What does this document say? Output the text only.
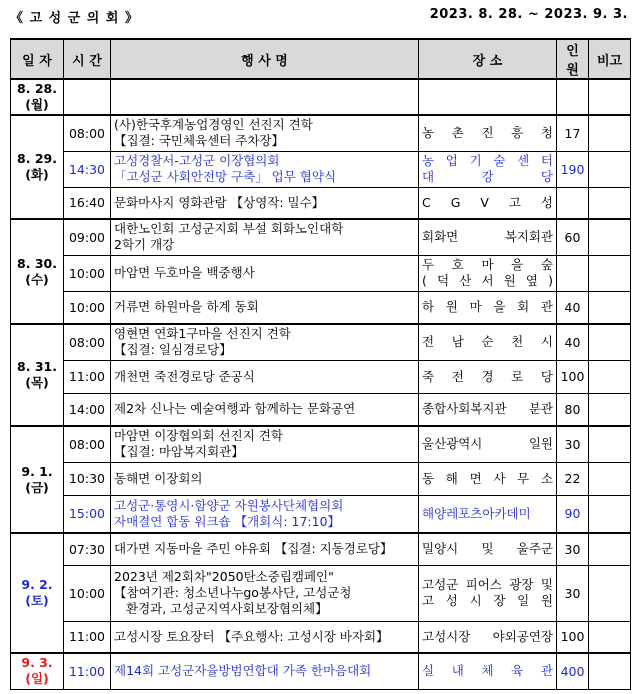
《 고 성 군 의 회 》	2023. 8. 28. ~ 2023. 9. 3.
일 자	시 간	행 사 명	장 소	인원	비고

8. 28.
(월)					

8. 29.
(화)	08:00	(사)한국후계농업경영인 선진지 견학
【집결: 국민체육센터 주차장】	농 촌 진 흥 청	17	
	14:30	고성경찰서-고성군 이장협의회
「고성군 사회안전망 구축」 업무 협약식	농 업 기 술 센 터
대 강 당	190	
	16:40	문화마사지 영화관람 【상영작: 밀수】	C G V 고 성		

8. 30.
(수)	09:00	대한노인회 고성군지회 부설 회화노인대학
2학기 개강	회화면 복지회관	60	
	10:00	마암면 두호마을 백중행사	두 호 마 을 숲
( 덕 산 서 원 옆 )		

	10:00	거류면 하원마을 하계 동회	하 원 마 을 회 관	40	

8. 31.
(목)	08:00	영현면 연화1구마을 선진지 견학
【집결: 일심경로당】	전 남 순 천 시	40	
	11:00	개천면 죽전경로당 준공식	죽 전 경 로 당	100	
	14:00	제2차 신나는 예술여행과 함께하는 문화공연	종합사회복지관 분관	80	

9. 1.
(금)	08:00	마암면 이장협의회 선진지 견학
【집결: 마암복지회관】	울산광역시 일원	30	
	10:30	동해면 이장회의	동 해 면 사 무 소	22	
	15:00	고성군·통영시·함양군 자원봉사단체협의회
자매결연 합동 워크숍 【개회식: 17:10】	해양레포츠아카데미	90	

9. 2.
(토)	07:30	대가면 지동마을 주민 야유회 【집결: 지동경로당】	밀양시 및 울주군	30	
	10:00	2023년 제2회차"2050탄소중립캠페인"
【참여기관: 청소년나누go봉사단, 고성군청
환경과, 고성군지역사회보장협의체】	고성군 피어스 광장 및
고 성 시 장 일 원	30	
	11:00	고성시장 토요장터 【주요행사: 고성시장 바자회】	고성시장 야외공연장	100	

9. 3.
(일)	11:00	제14회 고성군자율방범연합대 가족 한마음대회	실 내 체 육 관	400	
